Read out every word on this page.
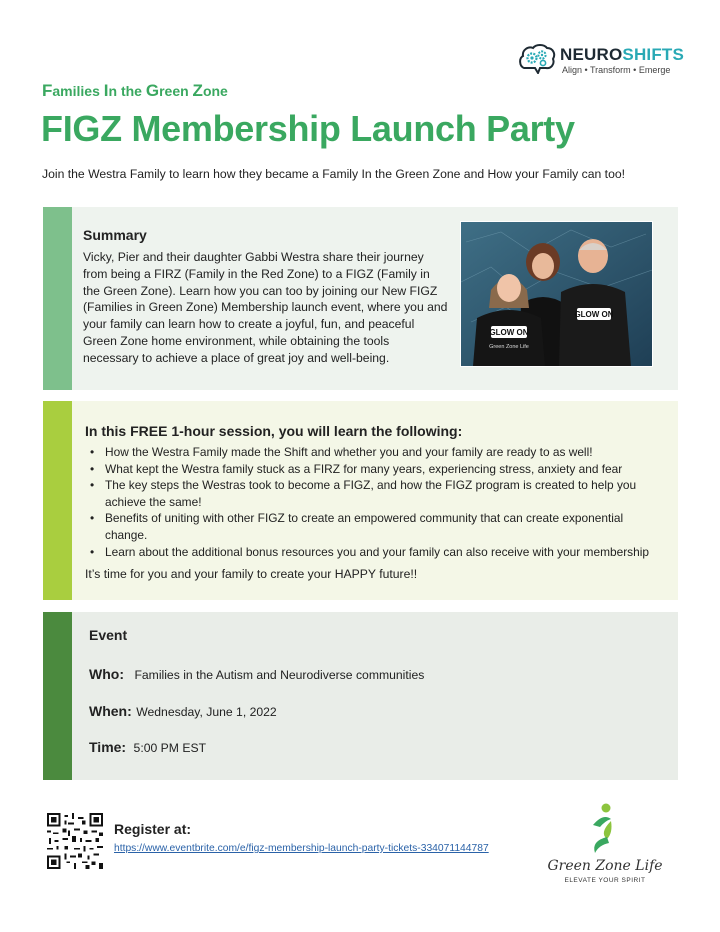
NEUROSHIFTS
Align • Transform • Emerge
Families In the Green Zone
FIGZ Membership Launch Party
Join the Westra Family to learn how they became a Family In the Green Zone and How your Family can too!
Summary
Vicky, Pier and their daughter Gabbi Westra share their journey from being a FIRZ (Family in the Red Zone) to a FIGZ (Family in the Green Zone). Learn how you can too by joining our New FIGZ (Families in Green Zone) Membership launch event, where you and your family can learn how to create a joyful, fun, and peaceful Green Zone home environment, while obtaining the tools necessary to achieve a place of great joy and well-being.
GLOW ON
GLOW ON
Green Zone Life
In this FREE 1-hour session, you will learn the following:
• How the Westra Family made the Shift and whether you and your family are ready to as well!
• What kept the Westra family stuck as a FIRZ for many years, experiencing stress, anxiety and fear
• The key steps the Westras took to become a FIGZ, and how the FIGZ program is created to help you achieve the same!
• Benefits of uniting with other FIGZ to create an empowered community that can create exponential change.
• Learn about the additional bonus resources you and your family can also receive with your membership
It’s time for you and your family to create your HAPPY future!!
Event
Who: Families in the Autism and Neurodiverse communities
When: Wednesday, June 1, 2022
Time: 5:00 PM EST
Register at:
https://www.eventbrite.com/e/figz-membership-launch-party-tickets-334071144787
Green Zone Life
ELEVATE YOUR SPIRIT
